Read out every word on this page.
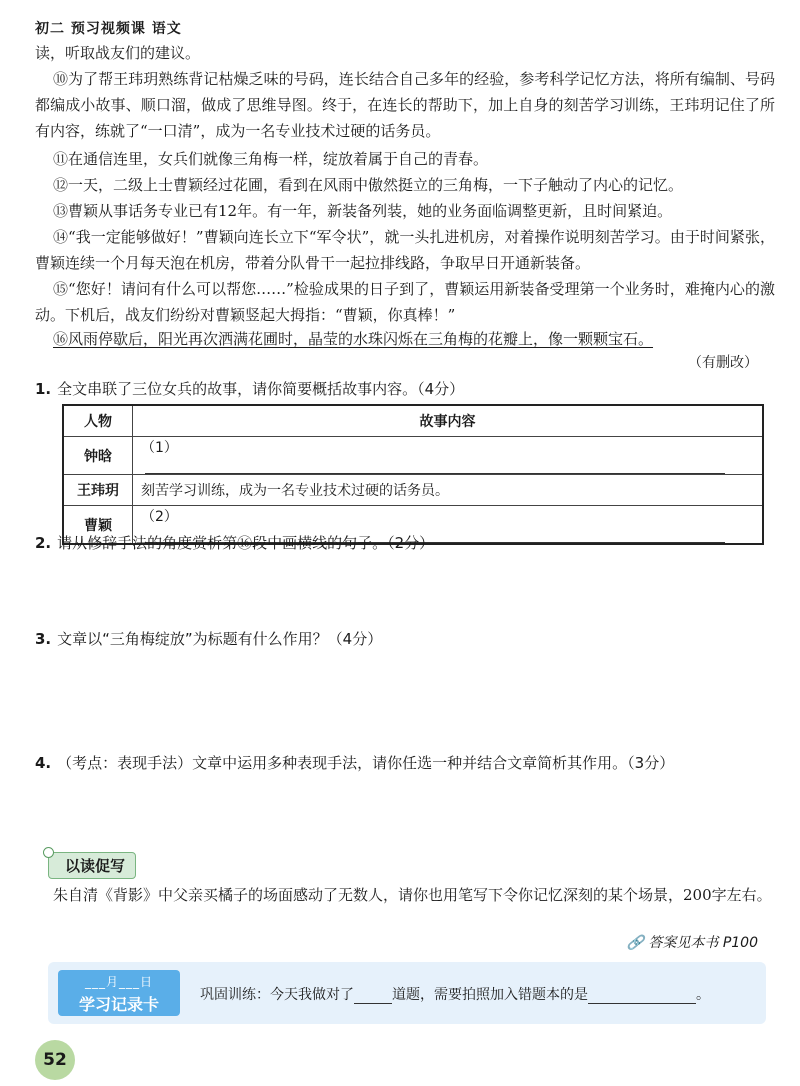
初二 预习视频课 语文
读，听取战友们的建议。
⑩为了帮王玮玥熟练背记枯燥乏味的号码，连长结合自己多年的经验，参考科学记忆方法，将所有编制、号码都编成小故事、顺口溜，做成了思维导图。终于，在连长的帮助下，加上自身的刻苦学习训练，王玮玥记住了所有内容，练就了“一口清”，成为一名专业技术过硬的话务员。
⑪在通信连里，女兵们就像三角梅一样，绽放着属于自己的青春。
⑫一天，二级上士曹颖经过花圃，看到在风雨中傲然挺立的三角梅，一下子触动了内心的记忆。
⑬曹颖从事话务专业已有12年。有一年，新装备列装，她的业务面临调整更新，且时间紧迫。
⑭“我一定能够做好！”曹颖向连长立下“军令状”，就一头扎进机房，对着操作说明刻苦学习。由于时间紧张，曹颖连续一个月每天泡在机房，带着分队骨干一起拉排线路，争取早日开通新装备。
⑮“您好！请问有什么可以帮您……”检验成果的日子到了，曹颖运用新装备受理第一个业务时，难掩内心的激动。下机后，战友们纷纷对曹颖竖起大拇指：“曹颖，你真棒！”
⑯风雨停歇后，阳光再次洒满花圃时，晶莹的水珠闪烁在三角梅的花瓣上，像一颗颗宝石。
（有删改）
1. 全文串联了三位女兵的故事，请你简要概括故事内容。（4分）
人物	故事内容
钟晗	（1）
王玮玥	刻苦学习训练，成为一名专业技术过硬的话务员。
曹颖	（2）
2. 请从修辞手法的角度赏析第⑯段中画横线的句子。（2分）
3. 文章以“三角梅绽放”为标题有什么作用？（4分）
4. （考点：表现手法）文章中运用多种表现手法，请你任选一种并结合文章简析其作用。（3分）
以读促写
朱自清《背影》中父亲买橘子的场面感动了无数人，请你也用笔写下令你记忆深刻的某个场景，200字左右。
🔗 答案见本书 P100
___月___日
学习记录卡	巩固训练：今天我做对了	道题，需要拍照加入错题本的是	。
52
